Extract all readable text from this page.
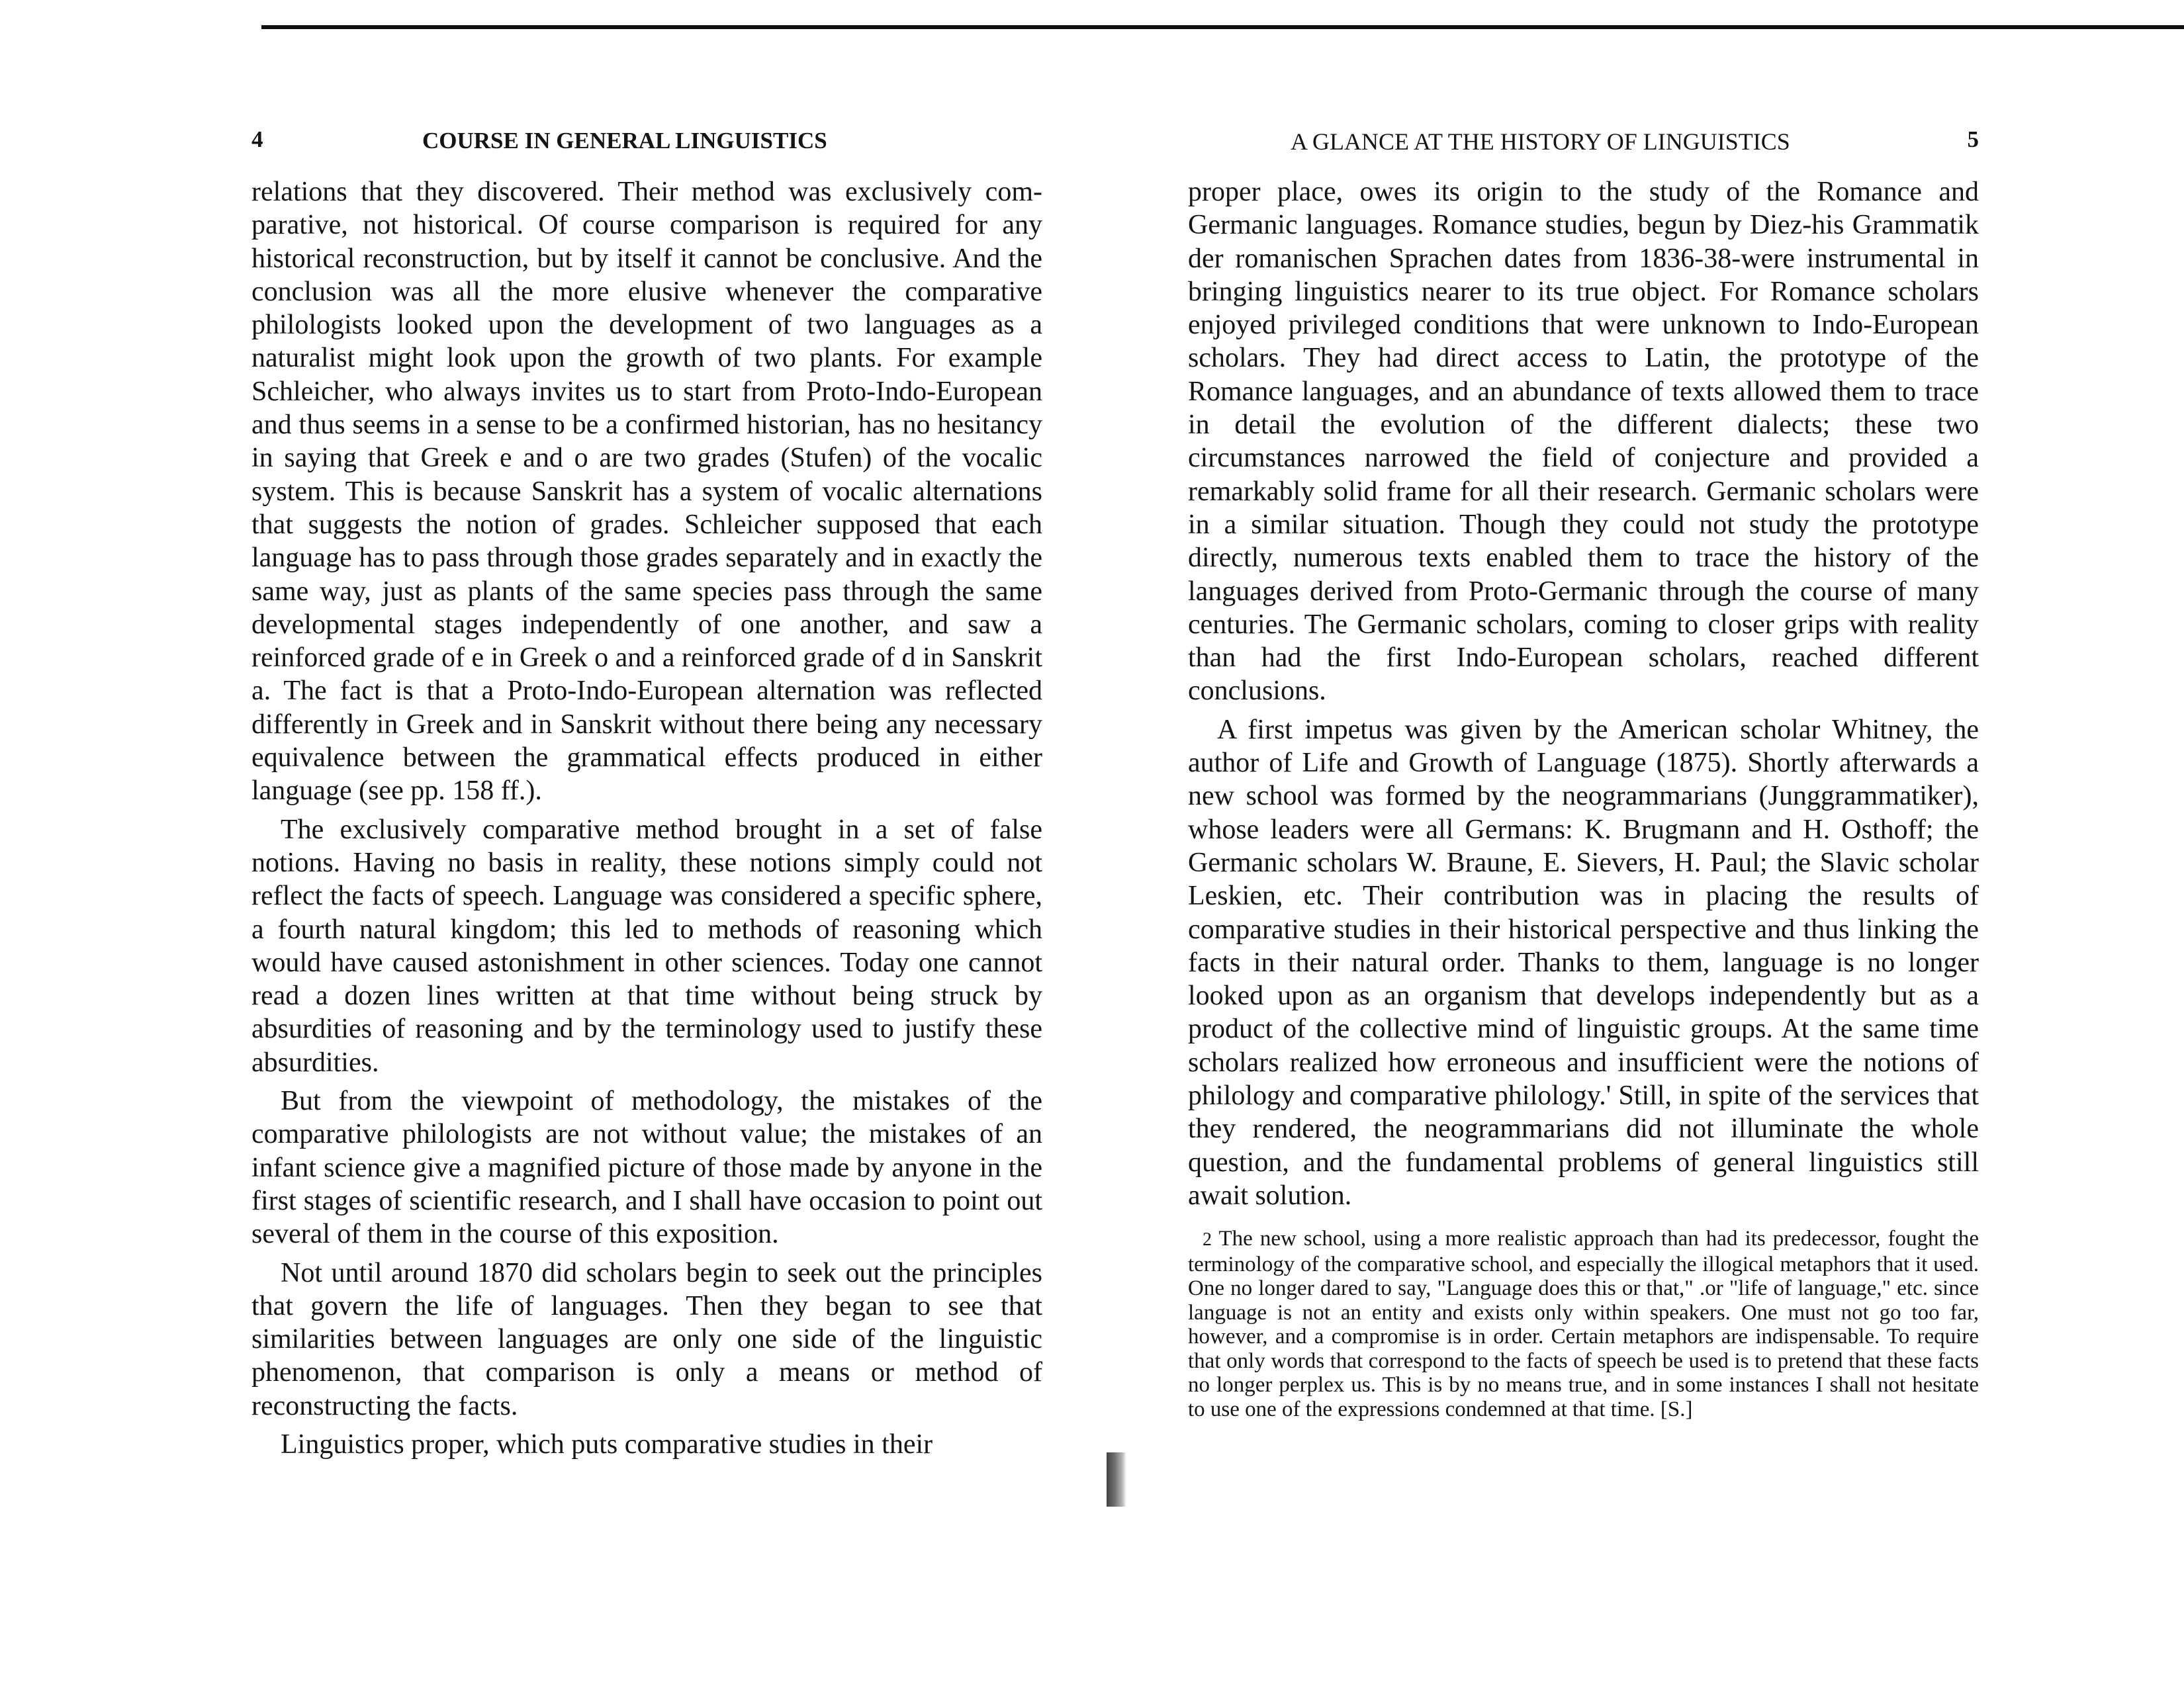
4	COURSE IN GENERAL LINGUISTICS

relations that they discovered. Their method was exclusively comparative, not historical. Of course comparison is required for any historical reconstruction, but by itself it cannot be conclusive. And the conclusion was all the more elusive whenever the comparative philologists looked upon the development of two languages as a naturalist might look upon the growth of two plants. For example Schleicher, who always invites us to start from Proto-Indo-European and thus seems in a sense to be a confirmed historian, has no hesitancy in saying that Greek e and o are two grades (Stufen) of the vocalic system. This is because Sanskrit has a system of vocalic alternations that suggests the notion of grades. Schleicher supposed that each language has to pass through those grades separately and in exactly the same way, just as plants of the same species pass through the same developmental stages independently of one another, and saw a reinforced grade of e in Greek o and a reinforced grade of d in Sanskrit a. The fact is that a Proto-Indo-European alternation was reflected differently in Greek and in Sanskrit without there being any necessary equivalence between the grammatical effects produced in either language (see pp. 158 ff.).

The exclusively comparative method brought in a set of false notions. Having no basis in reality, these notions simply could not reflect the facts of speech. Language was considered a specific sphere, a fourth natural kingdom; this led to methods of reasoning which would have caused astonishment in other sciences. Today one cannot read a dozen lines written at that time without being struck by absurdities of reasoning and by the terminology used to justify these absurdities.

But from the viewpoint of methodology, the mistakes of the comparative philologists are not without value; the mistakes of an infant science give a magnified picture of those made by anyone in the first stages of scientific research, and I shall have occasion to point out several of them in the course of this exposition.

Not until around 1870 did scholars begin to seek out the principles that govern the life of languages. Then they began to see that similarities between languages are only one side of the linguistic phenomenon, that comparison is only a means or method of reconstructing the facts.

Linguistics proper, which puts comparative studies in their

A GLANCE AT THE HISTORY OF LINGUISTICS	5

proper place, owes its origin to the study of the Romance and Germanic languages. Romance studies, begun by Diez-his Grammatik der romanischen Sprachen dates from 1836-38-were instrumental in bringing linguistics nearer to its true object. For Romance scholars enjoyed privileged conditions that were unknown to Indo-European scholars. They had direct access to Latin, the prototype of the Romance languages, and an abundance of texts allowed them to trace in detail the evolution of the different dialects; these two circumstances narrowed the field of conjecture and provided a remarkably solid frame for all their research. Germanic scholars were in a similar situation. Though they could not study the prototype directly, numerous texts enabled them to trace the history of the languages derived from Proto-Germanic through the course of many centuries. The Germanic scholars, coming to closer grips with reality than had the first Indo-European scholars, reached different conclusions.

A first impetus was given by the American scholar Whitney, the author of Life and Growth of Language (1875). Shortly afterwards a new school was formed by the neogrammarians (Junggrammatiker), whose leaders were all Germans: K. Brugmann and H. Osthoff; the Germanic scholars W. Braune, E. Sievers, H. Paul; the Slavic scholar Leskien, etc. Their contribution was in placing the results of comparative studies in their historical perspective and thus linking the facts in their natural order. Thanks to them, language is no longer looked upon as an organism that develops independently but as a product of the collective mind of linguistic groups. At the same time scholars realized how erroneous and insufficient were the notions of philology and comparative philology.' Still, in spite of the services that they rendered, the neogrammarians did not illuminate the whole question, and the fundamental problems of general linguistics still await solution.

2 The new school, using a more realistic approach than had its predecessor, fought the terminology of the comparative school, and especially the illogical metaphors that it used. One no longer dared to say, "Language does this or that," .or "life of language," etc. since language is not an entity and exists only within speakers. One must not go too far, however, and a compromise is in order. Certain metaphors are indispensable. To require that only words that correspond to the facts of speech be used is to pretend that these facts no longer perplex us. This is by no means true, and in some instances I shall not hesitate to use one of the expressions condemned at that time. [S.]
